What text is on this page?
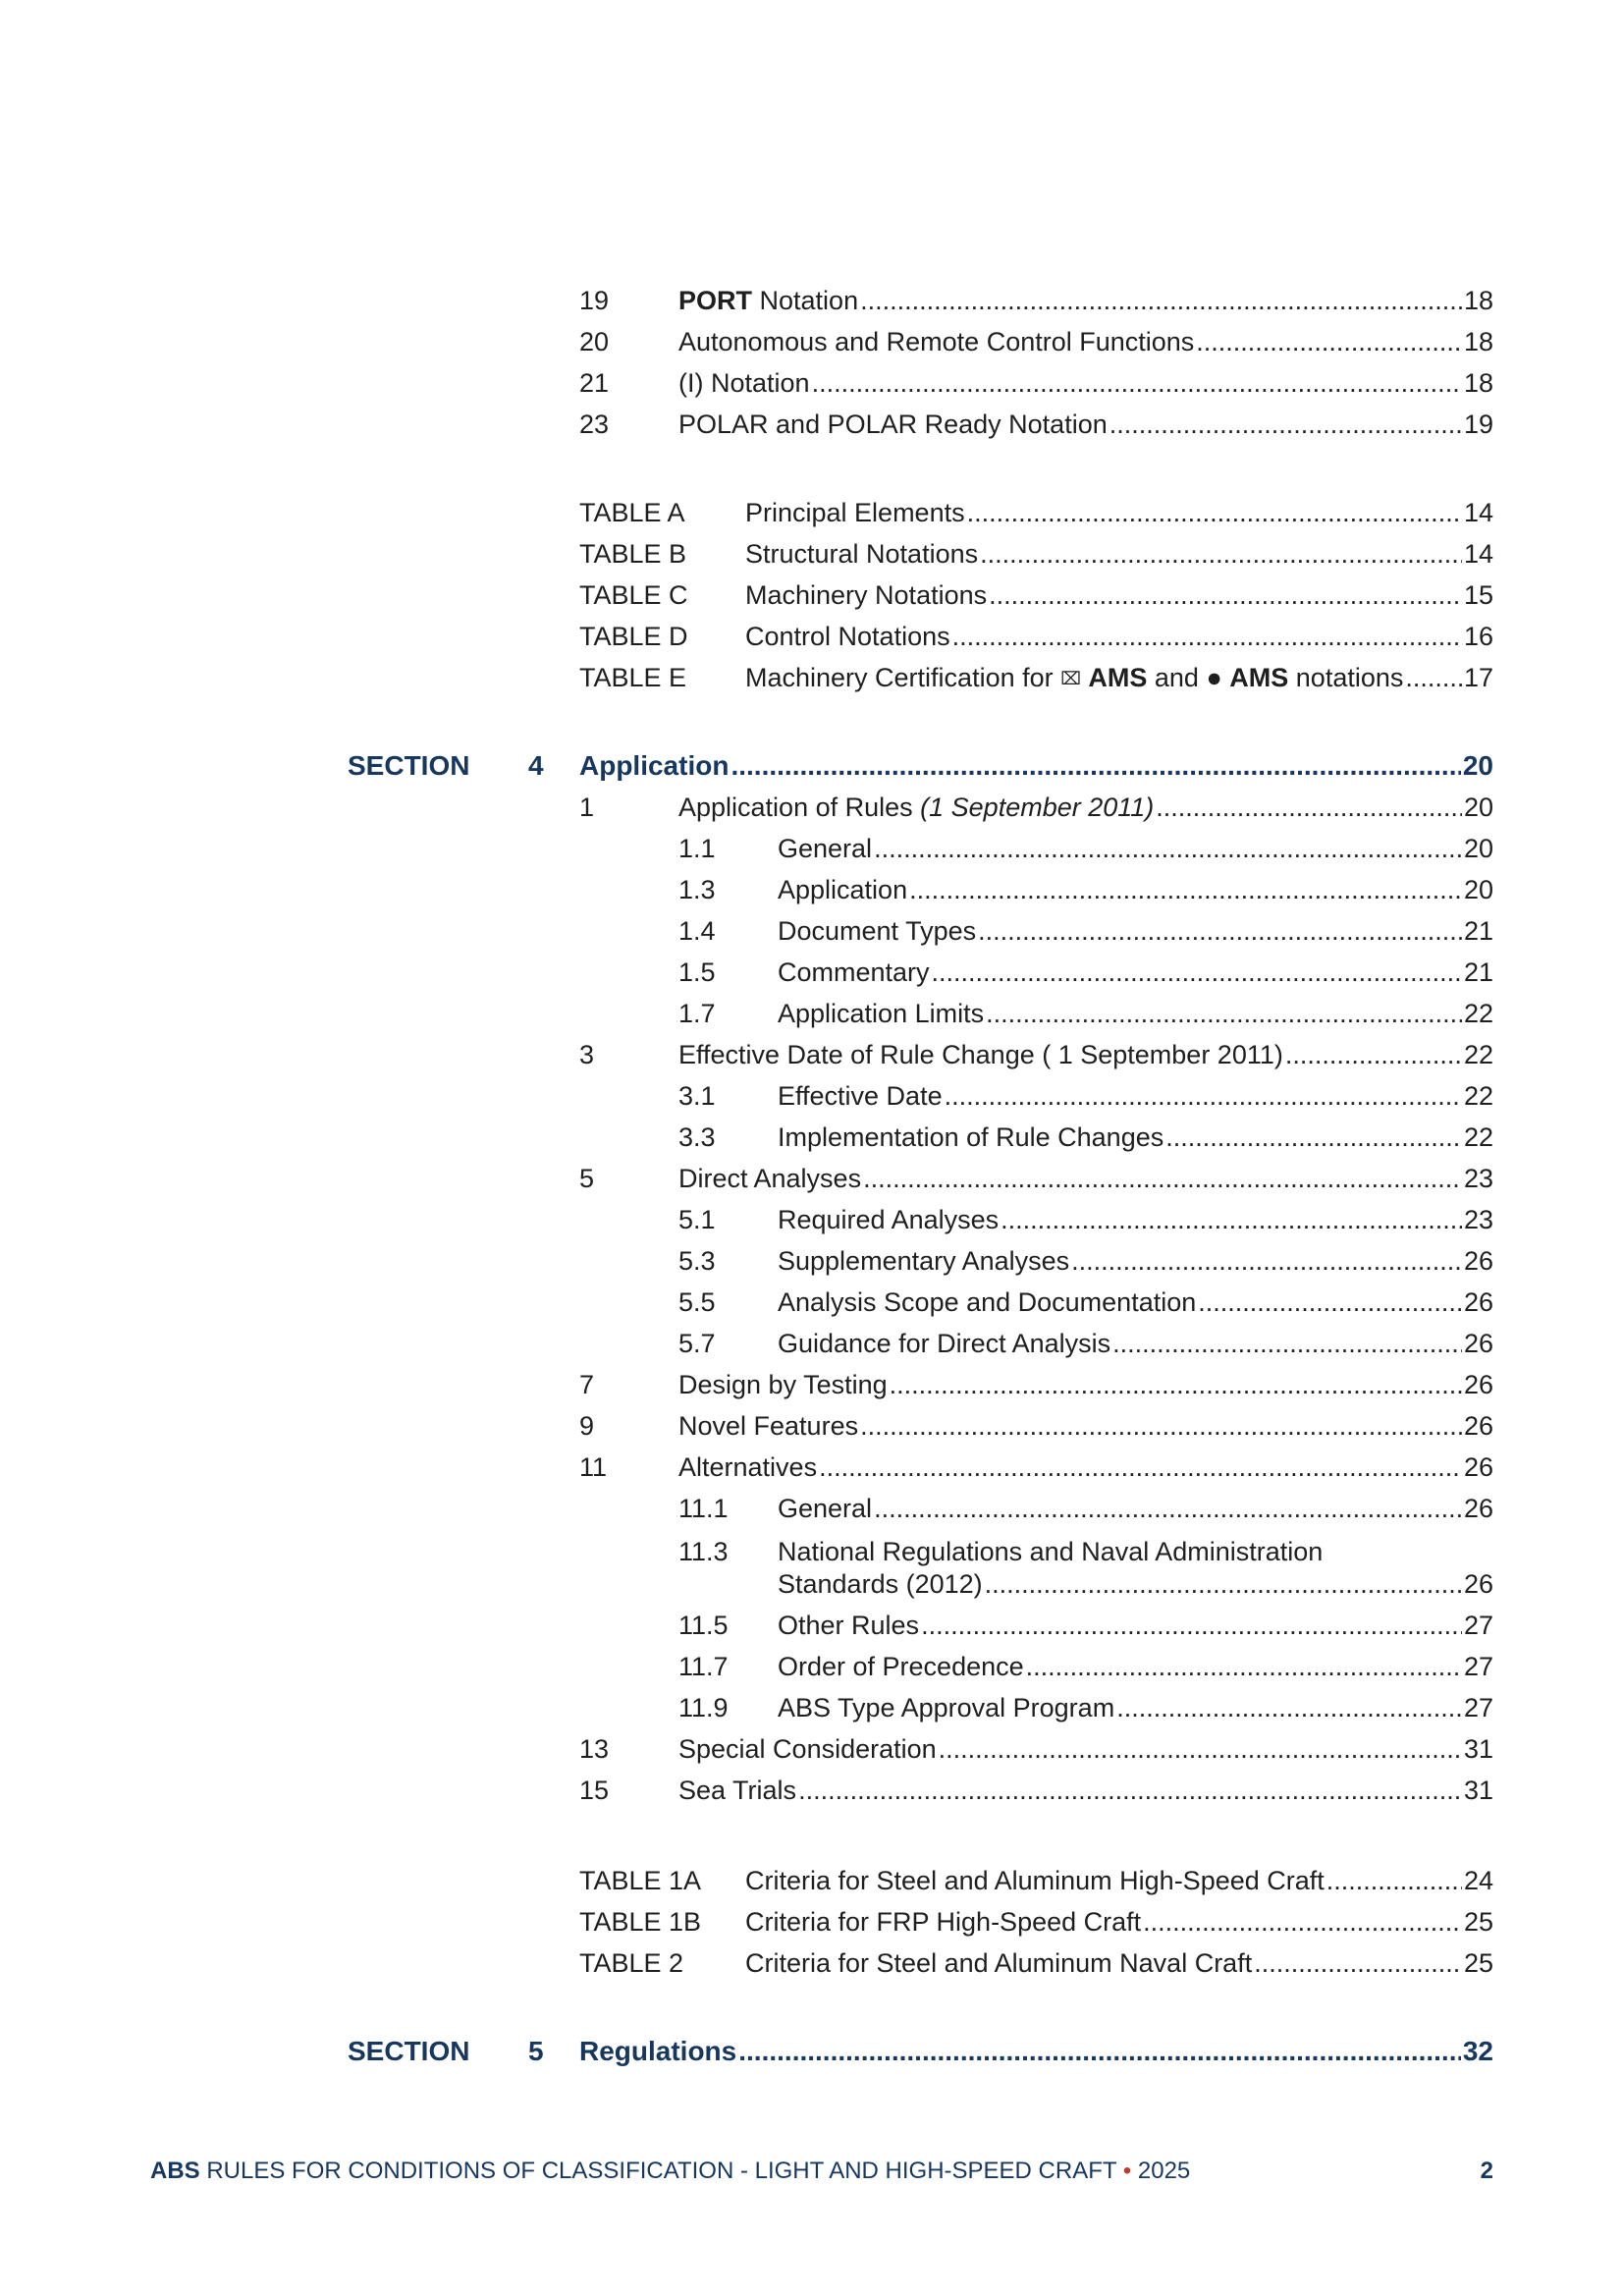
19	PORT Notation .....	18
20	Autonomous and Remote Control Functions .....	18
21	(I) Notation .....	18
23	POLAR and POLAR Ready Notation .....	19
TABLE A Principal Elements .....	14
TABLE B Structural Notations .....	14
TABLE C Machinery Notations .....	15
TABLE D Control Notations .....	16
TABLE E Machinery Certification for ⌧ AMS and ● AMS notations ..... 17
SECTION 4 Application .....	20
1	Application of Rules (1 September 2011) .....	20
1.1 General .....	20
1.3 Application .....	20
1.4 Document Types .....	21
1.5 Commentary .....	21
1.7 Application Limits .....	22
3	Effective Date of Rule Change ( 1 September 2011) .....	22
3.1 Effective Date .....	22
3.3 Implementation of Rule Changes .....	22
5	Direct Analyses .....	23
5.1 Required Analyses .....	23
5.3 Supplementary Analyses .....	26
5.5 Analysis Scope and Documentation .....	26
5.7 Guidance for Direct Analysis .....	26
7	Design by Testing .....	26
9	Novel Features .....	26
11	Alternatives .....	26
11.1 General .....	26
11.3 National Regulations and Naval Administration
Standards (2012) .....	26
11.5 Other Rules .....	27
11.7 Order of Precedence .....	27
11.9 ABS Type Approval Program .....	27
13	Special Consideration .....	31
15	Sea Trials .....	31
TABLE 1A Criteria for Steel and Aluminum High-Speed Craft .....	24
TABLE 1B Criteria for FRP High-Speed Craft .....	25
TABLE 2 Criteria for Steel and Aluminum Naval Craft .....	25
SECTION 5 Regulations .....	32
ABS RULES FOR CONDITIONS OF CLASSIFICATION - LIGHT AND HIGH-SPEED CRAFT • 2025	2
